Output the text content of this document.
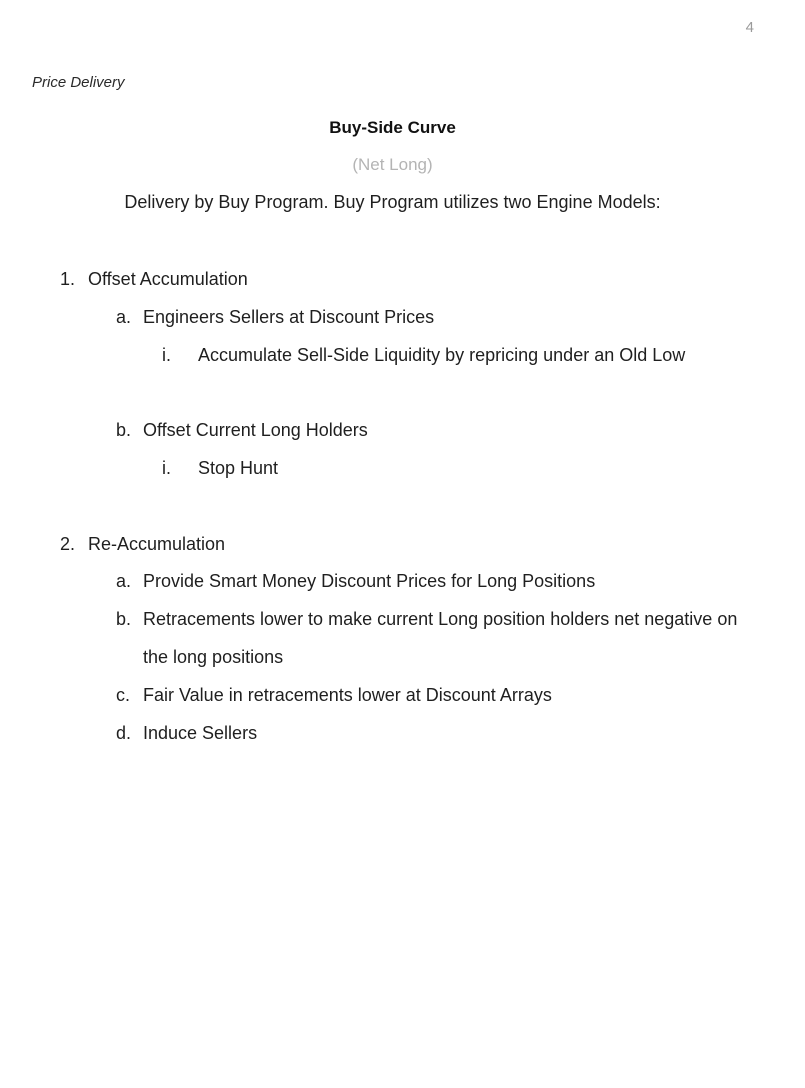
4
Price Delivery
Buy-Side Curve
(Net Long)
Delivery by Buy Program. Buy Program utilizes two Engine Models:
1. Offset Accumulation
a. Engineers Sellers at Discount Prices
i. Accumulate Sell-Side Liquidity by repricing under an Old Low
b. Offset Current Long Holders
i. Stop Hunt
2. Re-Accumulation
a. Provide Smart Money Discount Prices for Long Positions
b. Retracements lower to make current Long position holders net negative on
the long positions
c. Fair Value in retracements lower at Discount Arrays
d. Induce Sellers
